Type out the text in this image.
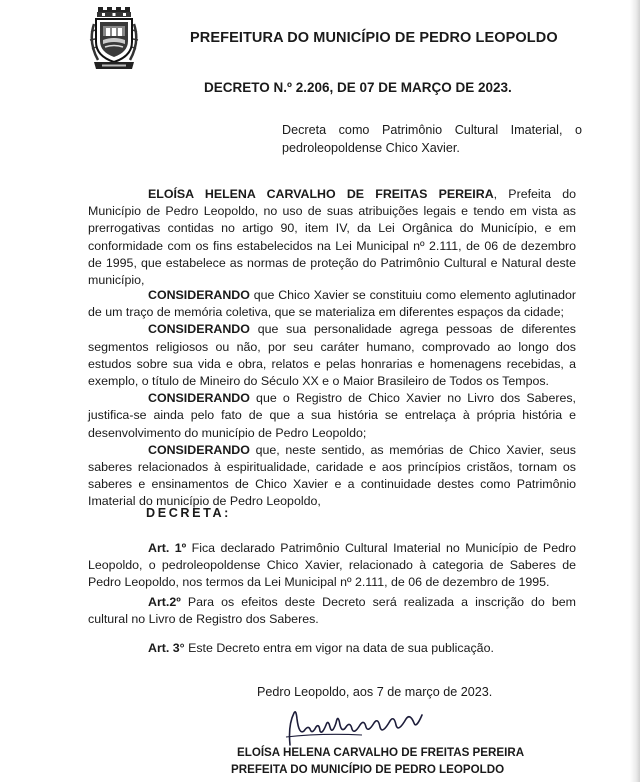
PREFEITURA DO MUNICÍPIO DE PEDRO LEOPOLDO
DECRETO N.º 2.206, DE 07 DE MARÇO DE 2023.
Decreta como Patrimônio Cultural Imaterial, o pedroleopoldense Chico Xavier.
ELOÍSA HELENA CARVALHO DE FREITAS PEREIRA, Prefeita do Município de Pedro Leopoldo, no uso de suas atribuições legais e tendo em vista as prerrogativas contidas no artigo 90, item IV, da Lei Orgânica do Município, e em conformidade com os fins estabelecidos na Lei Municipal nº 2.111, de 06 de dezembro de 1995, que estabelece as normas de proteção do Patrimônio Cultural e Natural deste município,

CONSIDERANDO que Chico Xavier se constituiu como elemento aglutinador de um traço de memória coletiva, que se materializa em diferentes espaços da cidade;

CONSIDERANDO que sua personalidade agrega pessoas de diferentes segmentos religiosos ou não, por seu caráter humano, comprovado ao longo dos estudos sobre sua vida e obra, relatos e pelas honrarias e homenagens recebidas, a exemplo, o título de Mineiro do Século XX e o Maior Brasileiro de Todos os Tempos.

CONSIDERANDO que o Registro de Chico Xavier no Livro dos Saberes, justifica-se ainda pelo fato de que a sua história se entrelaça à própria história e desenvolvimento do município de Pedro Leopoldo;

CONSIDERANDO que, neste sentido, as memórias de Chico Xavier, seus saberes relacionados à espiritualidade, caridade e aos princípios cristãos, tornam os saberes e ensinamentos de Chico Xavier e a continuidade destes como Patrimônio Imaterial do município de Pedro Leopoldo,

DECRETA:
Art. 1º Fica declarado Patrimônio Cultural Imaterial no Município de Pedro Leopoldo, o pedroleopoldense Chico Xavier, relacionado à categoria de Saberes de Pedro Leopoldo, nos termos da Lei Municipal nº 2.111, de 06 de dezembro de 1995.
Art.2º Para os efeitos deste Decreto será realizada a inscrição do bem cultural no Livro de Registro dos Saberes.
Art. 3° Este Decreto entra em vigor na data de sua publicação.
Pedro Leopoldo, aos 7 de março de 2023.
ELOÍSA HELENA CARVALHO DE FREITAS PEREIRA
PREFEITA DO MUNICÍPIO DE PEDRO LEOPOLDO
